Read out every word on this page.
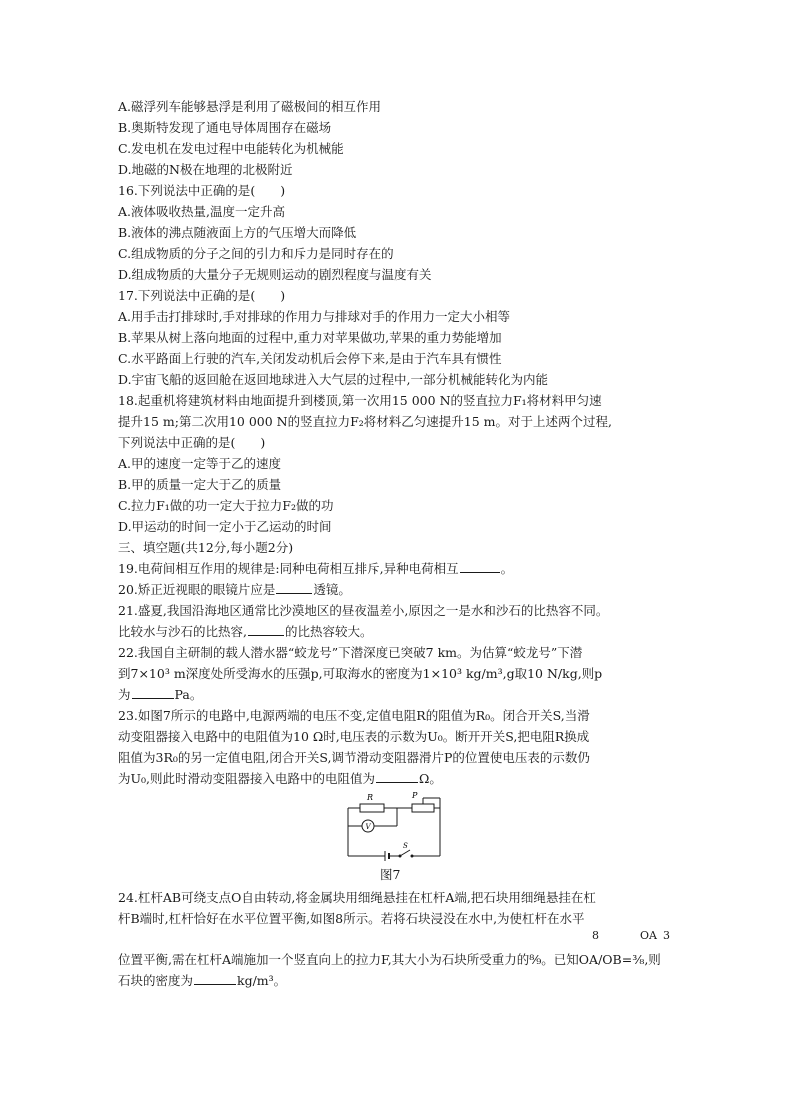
A.磁浮列车能够悬浮是利用了磁极间的相互作用
B.奥斯特发现了通电导体周围存在磁场
C.发电机在发电过程中电能转化为机械能
D.地磁的N极在地理的北极附近
16.下列说法中正确的是(　　)
A.液体吸收热量,温度一定升高
B.液体的沸点随液面上方的气压增大而降低
C.组成物质的分子之间的引力和斥力是同时存在的
D.组成物质的大量分子无规则运动的剧烈程度与温度有关
17.下列说法中正确的是(　　)
A.用手击打排球时,手对排球的作用力与排球对手的作用力一定大小相等
B.苹果从树上落向地面的过程中,重力对苹果做功,苹果的重力势能增加
C.水平路面上行驶的汽车,关闭发动机后会停下来,是由于汽车具有惯性
D.宇宙飞船的返回舱在返回地球进入大气层的过程中,一部分机械能转化为内能
18.起重机将建筑材料由地面提升到楼顶,第一次用15 000 N的竖直拉力F₁将材料甲匀速
提升15 m;第二次用10 000 N的竖直拉力F₂将材料乙匀速提升15 m。对于上述两个过程,
下列说法中正确的是(　　)
A.甲的速度一定等于乙的速度
B.甲的质量一定大于乙的质量
C.拉力F₁做的功一定大于拉力F₂做的功
D.甲运动的时间一定小于乙运动的时间
三、填空题(共12分,每小题2分)
19.电荷间相互作用的规律是:同种电荷相互排斥,异种电荷相互	。
20.矫正近视眼的眼镜片应是	透镜。
21.盛夏,我国沿海地区通常比沙漠地区的昼夜温差小,原因之一是水和沙石的比热容不同。
比较水与沙石的比热容,	的比热容较大。
22.我国自主研制的载人潜水器“蛟龙号”下潜深度已突破7 km。为估算“蛟龙号”下潜
到7×10³ m深度处所受海水的压强p,可取海水的密度为1×10³ kg/m³,g取10 N/kg,则p
为	Pa。
23.如图7所示的电路中,电源两端的电压不变,定值电阻R的阻值为R₀。闭合开关S,当滑
动变阻器接入电路中的电阻值为10 Ω时,电压表的示数为U₀。断开开关S,把电阻R换成
阻值为3R₀的另一定值电阻,闭合开关S,调节滑动变阻器滑片P的位置使电压表的示数仍
为U₀,则此时滑动变阻器接入电路中的电阻值为	Ω。
R	P
V
S
图7
24.杠杆AB可绕支点O自由转动,将金属块用细绳悬挂在杠杆A端,把石块用细绳悬挂在杠
杆B端时,杠杆恰好在水平位置平衡,如图8所示。若将石块浸没在水中,为使杠杆在水平
8	OA 3
位置平衡,需在杠杆A端施加一个竖直向上的拉力F,其大小为石块所受重力的⁸⁄₉。已知OA/OB=⅜,则
石块的密度为	kg/m³。
